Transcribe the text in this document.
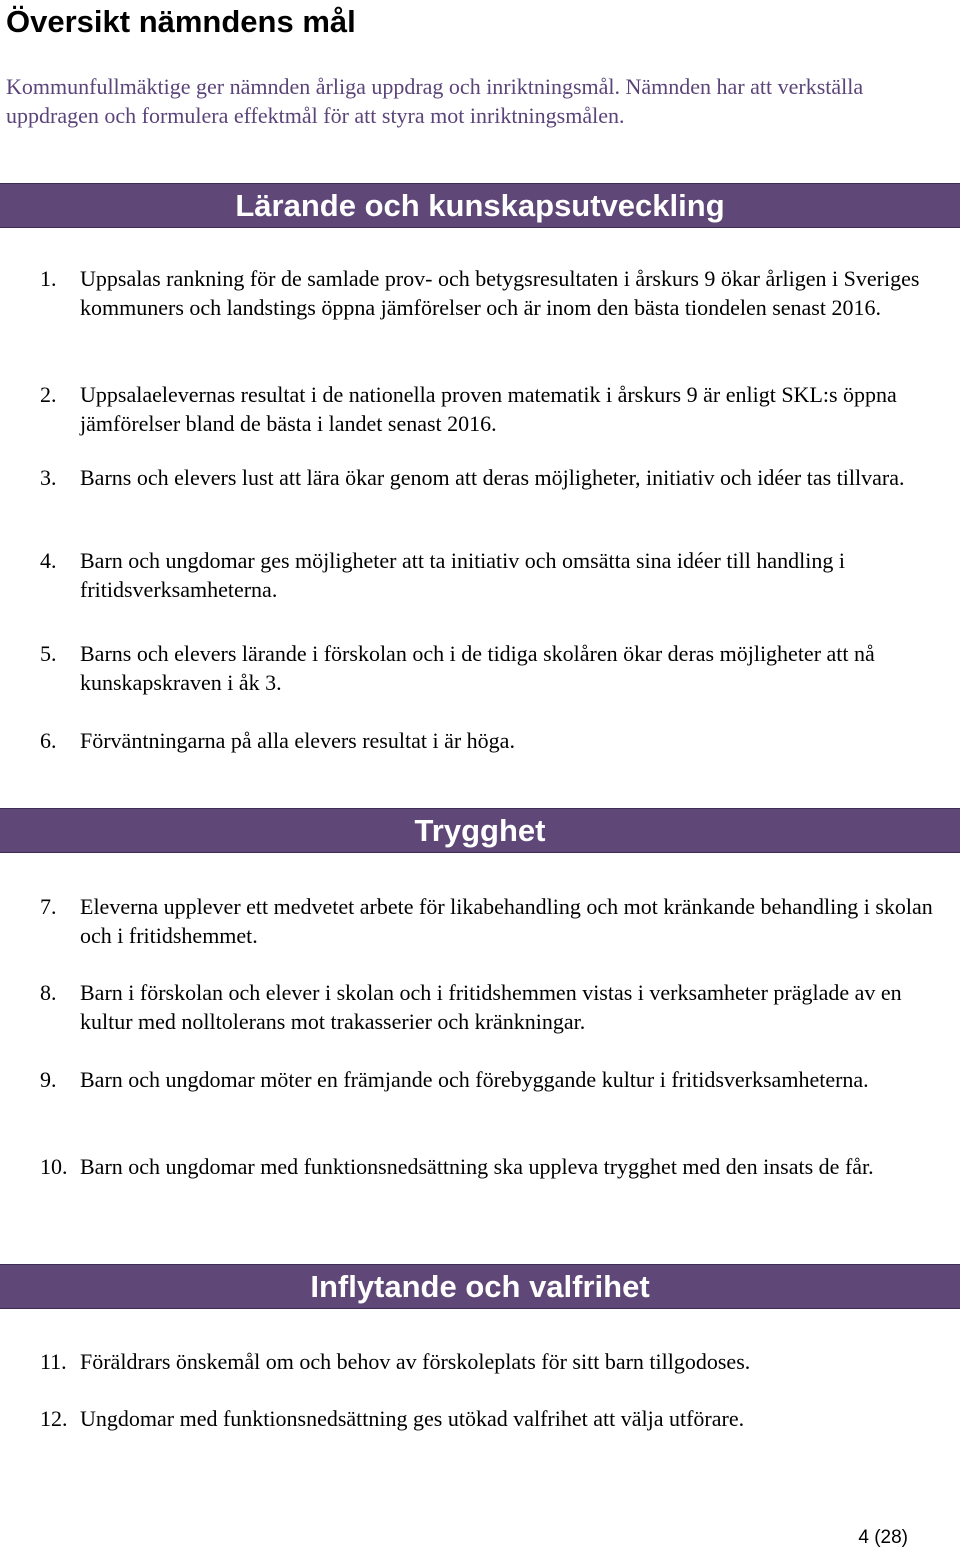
Översikt nämndens mål

Kommunfullmäktige ger nämnden årliga uppdrag och inriktningsmål. Nämnden har att verkställa uppdragen och formulera effektmål för att styra mot inriktningsmålen.

Lärande och kunskapsutveckling
1. Uppsalas rankning för de samlade prov- och betygsresultaten i årskurs 9 ökar årligen i Sveriges kommuners och landstings öppna jämförelser och är inom den bästa tiondelen senast 2016.
2. Uppsalaelevernas resultat i de nationella proven matematik i årskurs 9 är enligt SKL:s öppna jämförelser bland de bästa i landet senast 2016.
3. Barns och elevers lust att lära ökar genom att deras möjligheter, initiativ och idéer tas tillvara.
4. Barn och ungdomar ges möjligheter att ta initiativ och omsätta sina idéer till handling i fritidsverksamheterna.
5. Barns och elevers lärande i förskolan och i de tidiga skolåren ökar deras möjligheter att nå kunskapskraven i åk 3.
6. Förväntningarna på alla elevers resultat i är höga.
Trygghet
7. Eleverna upplever ett medvetet arbete för likabehandling och mot kränkande behandling i skolan och i fritidshemmet.
8. Barn i förskolan och elever i skolan och i fritidshemmen vistas i verksamheter präglade av en kultur med nolltolerans mot trakasserier och kränkningar.
9. Barn och ungdomar möter en främjande och förebyggande kultur i fritidsverksamheterna.
10. Barn och ungdomar med funktionsnedsättning ska uppleva trygghet med den insats de får.
Inflytande och valfrihet
11. Föräldrars önskemål om och behov av förskoleplats för sitt barn tillgodoses.
12. Ungdomar med funktionsnedsättning ges utökad valfrihet att välja utförare.
4 (28)
